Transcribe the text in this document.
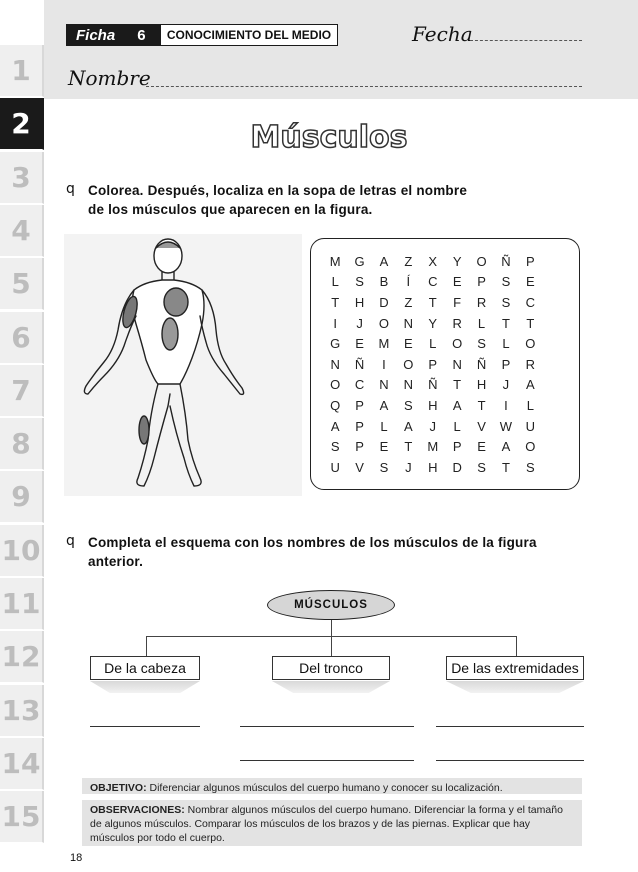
1
2
3
4
5
6
7
8
9
10
11
12
13
14
15
Ficha 6	CONOCIMIENTO DEL MEDIO	Fecha
Nombre
Músculos
q Colorea. Después, localiza en la sopa de letras el nombre
de los músculos que aparecen en la figura.
M	G	A	Z	X	Y	O	Ñ	P
L	S	B	Í	C	E	P	S	E
T	H	D	Z	T	F	R	S	C
I	J	O	N	Y	R	L	T	T
G	E	M	E	L	O	S	L	O
N	Ñ	I	O	P	N	Ñ	P	R
O	C	N	N	Ñ	T	H	J	A
Q	P	A	S	H	A	T	I	L
A	P	L	A	J	L	V	W	U
S	P	E	T	M	P	E	A	O
U	V	S	J	H	D	S	T	S
q Completa el esquema con los nombres de los músculos de la figura
anterior.
MÚSCULOS
De la cabeza	Del tronco	De las extremidades
OBJETIVO: Diferenciar algunos músculos del cuerpo humano y conocer su localización.
OBSERVACIONES: Nombrar algunos músculos del cuerpo humano. Diferenciar la forma y el tamaño de algunos músculos. Comparar los músculos de los brazos y de las piernas. Explicar que hay músculos por todo el cuerpo.
18
